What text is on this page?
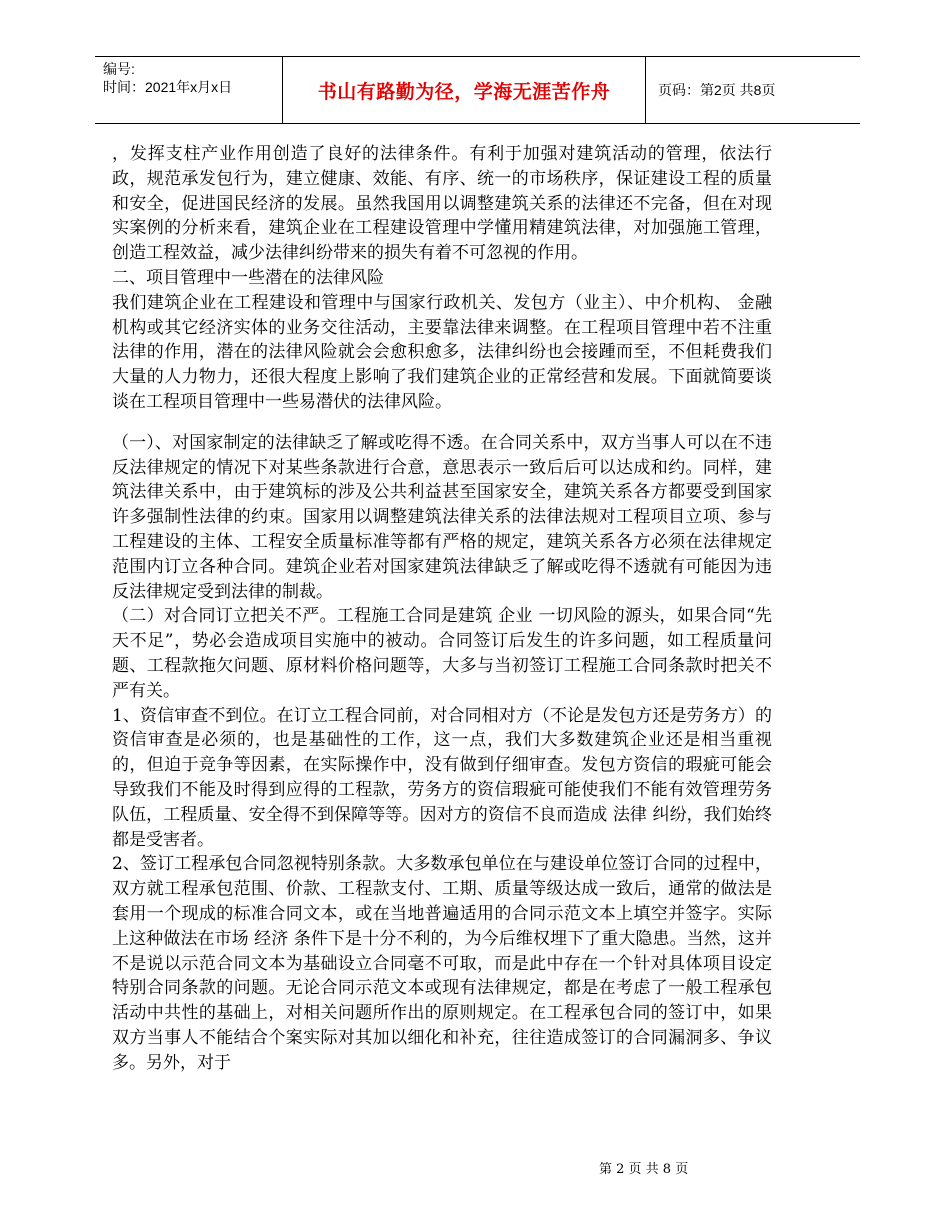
编号:
时间：2021年x月x日	书山有路勤为径，学海无涯苦作舟	页码：第2页 共8页

，发挥支柱产业作用创造了良好的法律条件。有利于加强对建筑活动的管理，依法行政，规范承发包行为，建立健康、效能、有序、统一的市场秩序，保证建设工程的质量和安全，促进国民经济的发展。虽然我国用以调整建筑关系的法律还不完备，但在对现实案例的分析来看，建筑企业在工程建设管理中学懂用精建筑法律，对加强施工管理，创造工程效益，减少法律纠纷带来的损失有着不可忽视的作用。

二、项目管理中一些潜在的法律风险

我们建筑企业在工程建设和管理中与国家行政机关、发包方（业主）、中介机构、 金融 机构或其它经济实体的业务交往活动，主要靠法律来调整。在工程项目管理中若不注重法律的作用，潜在的法律风险就会会愈积愈多，法律纠纷也会接踵而至，不但耗费我们大量的人力物力，还很大程度上影响了我们建筑企业的正常经营和发展。下面就简要谈谈在工程项目管理中一些易潜伏的法律风险。

（一）、对国家制定的法律缺乏了解或吃得不透。在合同关系中，双方当事人可以在不违反法律规定的情况下对某些条款进行合意，意思表示一致后后可以达成和约。同样，建筑法律关系中，由于建筑标的涉及公共利益甚至国家安全，建筑关系各方都要受到国家许多强制性法律的约束。国家用以调整建筑法律关系的法律法规对工程项目立项、参与工程建设的主体、工程安全质量标准等都有严格的规定，建筑关系各方必须在法律规定范围内订立各种合同。建筑企业若对国家建筑法律缺乏了解或吃得不透就有可能因为违反法律规定受到法律的制裁。

（二）对合同订立把关不严。工程施工合同是建筑 企业 一切风险的源头，如果合同“先天不足”，势必会造成项目实施中的被动。合同签订后发生的许多问题，如工程质量问题、工程款拖欠问题、原材料价格问题等，大多与当初签订工程施工合同条款时把关不严有关。

1、资信审查不到位。在订立工程合同前，对合同相对方（不论是发包方还是劳务方）的资信审查是必须的，也是基础性的工作，这一点，我们大多数建筑企业还是相当重视的，但迫于竞争等因素，在实际操作中，没有做到仔细审查。发包方资信的瑕疵可能会导致我们不能及时得到应得的工程款，劳务方的资信瑕疵可能使我们不能有效管理劳务队伍，工程质量、安全得不到保障等等。因对方的资信不良而造成 法律 纠纷，我们始终都是受害者。

2、签订工程承包合同忽视特别条款。大多数承包单位在与建设单位签订合同的过程中，双方就工程承包范围、价款、工程款支付、工期、质量等级达成一致后，通常的做法是套用一个现成的标准合同文本，或在当地普遍适用的合同示范文本上填空并签字。实际上这种做法在市场 经济 条件下是十分不利的，为今后维权埋下了重大隐患。当然，这并不是说以示范合同文本为基础设立合同毫不可取，而是此中存在一个针对具体项目设定特别合同条款的问题。无论合同示范文本或现有法律规定，都是在考虑了一般工程承包活动中共性的基础上，对相关问题所作出的原则规定。在工程承包合同的签订中，如果双方当事人不能结合个案实际对其加以细化和补充，往往造成签订的合同漏洞多、争议多。另外，对于

第 2 页 共 8 页
